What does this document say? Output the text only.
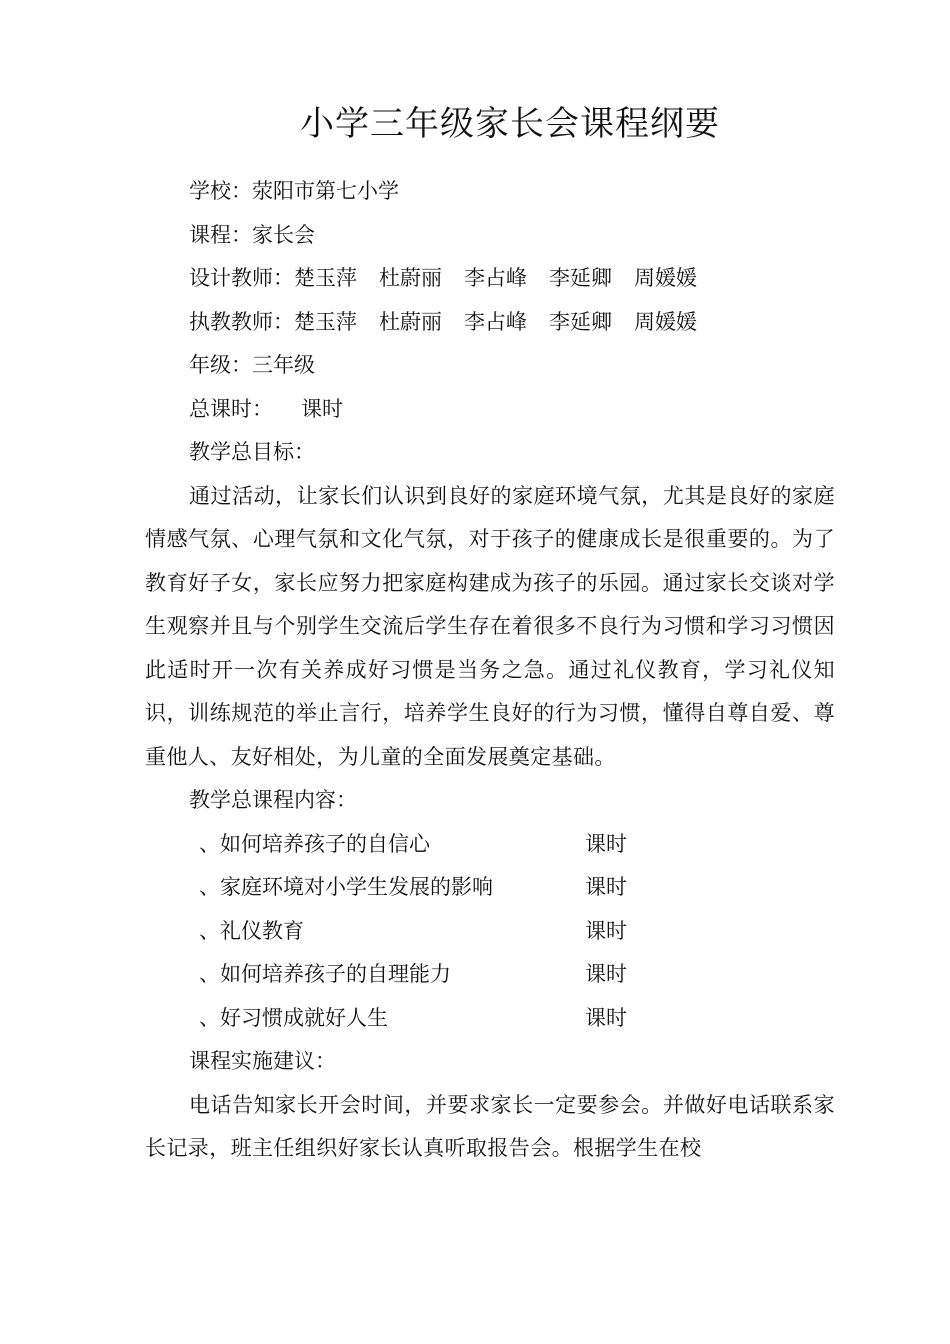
小学三年级家长会课程纲要
学校：荥阳市第七小学
课程：家长会
设计教师：楚玉萍 杜蔚丽 李占峰 李延卿 周媛媛
执教教师：楚玉萍 杜蔚丽 李占峰 李延卿 周媛媛
年级：三年级
总课时： 课时
教学总目标：

通过活动，让家长们认识到良好的家庭环境气氛，尤其是良好的家庭情感气氛、心理气氛和文化气氛，对于孩子的健康成长是很重要的。为了教育好子女，家长应努力把家庭构建成为孩子的乐园。通过家长交谈对学生观察并且与个别学生交流后学生存在着很多不良行为习惯和学习习惯因此适时开一次有关养成好习惯是当务之急。通过礼仪教育，学习礼仪知识，训练规范的举止言行，培养学生良好的行为习惯，懂得自尊自爱、尊重他人、友好相处，为儿童的全面发展奠定基础。

教学总课程内容：
、如何培养孩子的自信心	课时
、家庭环境对小学生发展的影响	课时
、礼仪教育	课时
、如何培养孩子的自理能力	课时
、好习惯成就好人生	课时
课程实施建议：

电话告知家长开会时间，并要求家长一定要参会。并做好电话联系家长记录，班主任组织好家长认真听取报告会。根据学生在校
